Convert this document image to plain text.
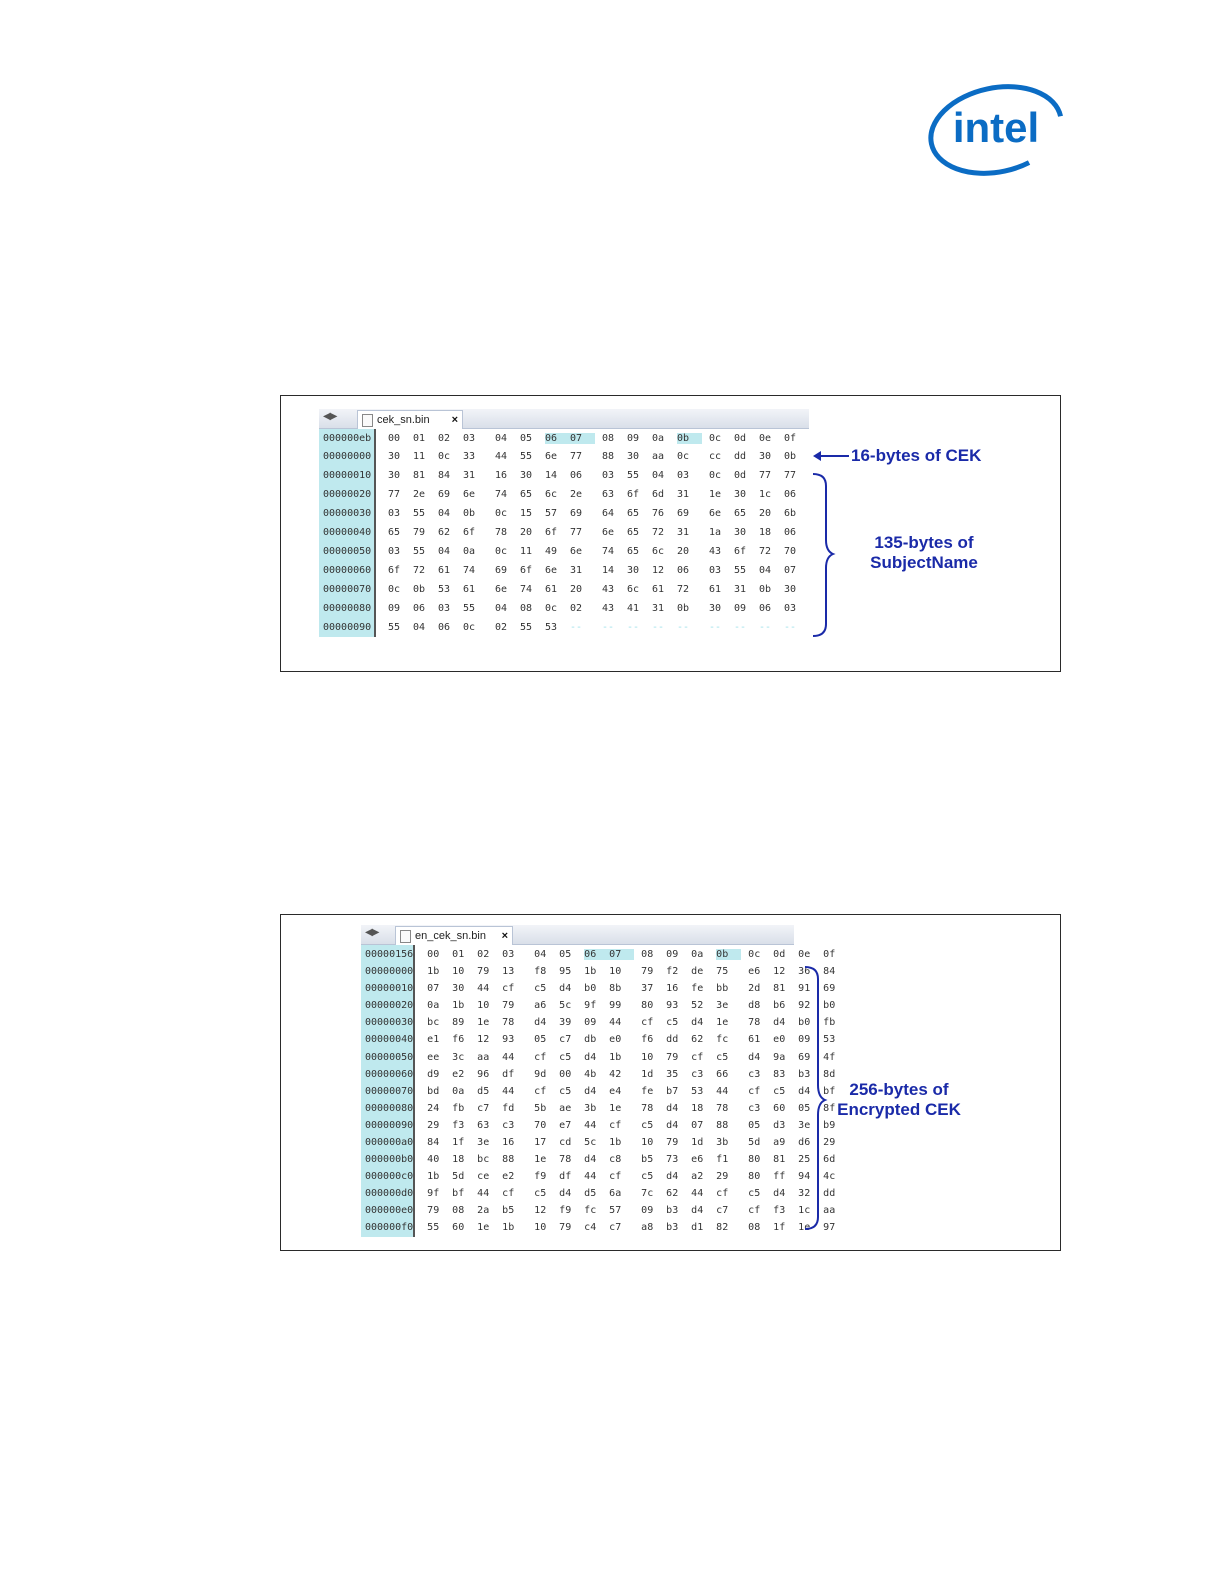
intel
◀▶	cek_sn.bin	×
000000eb	00	01	02	03	04	05	06	07	08	09	0a	0b	0c	0d	0e	0f
00000000	30	11	0c	33	44	55	6e	77	88	30	aa	0c	cc	dd	30	0b
00000010	30	81	84	31	16	30	14	06	03	55	04	03	0c	0d	77	77
00000020	77	2e	69	6e	74	65	6c	2e	63	6f	6d	31	1e	30	1c	06
00000030	03	55	04	0b	0c	15	57	69	64	65	76	69	6e	65	20	6b
00000040	65	79	62	6f	78	20	6f	77	6e	65	72	31	1a	30	18	06
00000050	03	55	04	0a	0c	11	49	6e	74	65	6c	20	43	6f	72	70
00000060	6f	72	61	74	69	6f	6e	31	14	30	12	06	03	55	04	07
00000070	0c	0b	53	61	6e	74	61	20	43	6c	61	72	61	31	0b	30
00000080	09	06	03	55	04	08	0c	02	43	41	31	0b	30	09	06	03
00000090	55	04	06	0c	02	55	53	--	--	--	--	--	--	--	--	--
16-bytes of CEK
135-bytes of
SubjectName
◀▶	en_cek_sn.bin	×
00000156 00	01	02	03	04	05	06	07	08	09	0a	0b	0c	0d	0e	0f
00000000 1b	10	79	13	f8	95	1b	10	79	f2	de	75	e6	12	36	84
00000010 07	30	44	cf	c5	d4	b0	8b	37	16	fe	bb	2d	81	91	69
00000020 0a	1b	10	79	a6	5c	9f	99	80	93	52	3e	d8	b6	92	b0
00000030 bc	89	1e	78	d4	39	09	44	cf	c5	d4	1e	78	d4	b0	fb
00000040 e1	f6	12	93	05	c7	db	e0	f6	dd	62	fc	61	e0	09	53
00000050 ee	3c	aa	44	cf	c5	d4	1b	10	79	cf	c5	d4	9a	69	4f
00000060 d9	e2	96	df	9d	00	4b	42	1d	35	c3	66	c3	83	b3	8d
00000070 bd	0a	d5	44	cf	c5	d4	e4	fe	b7	53	44	cf	c5	d4	bf
00000080 24	fb	c7	fd	5b	ae	3b	1e	78	d4	18	78	c3	60	05	8f
00000090 29	f3	63	c3	70	e7	44	cf	c5	d4	07	88	05	d3	3e	b9
000000a0 84	1f	3e	16	17	cd	5c	1b	10	79	1d	3b	5d	a9	d6	29
000000b0 40	18	bc	88	1e	78	d4	c8	b5	73	e6	f1	80	81	25	6d
000000c0 1b	5d	ce	e2	f9	df	44	cf	c5	d4	a2	29	80	ff	94	4c
000000d0 9f	bf	44	cf	c5	d4	d5	6a	7c	62	44	cf	c5	d4	32	dd
000000e0 79	08	2a	b5	12	f9	fc	57	09	b3	d4	c7	cf	f3	1c	aa
000000f0 55	60	1e	1b	10	79	c4	c7	a8	b3	d1	82	08	1f	1e	97
256-bytes of
Encrypted CEK
